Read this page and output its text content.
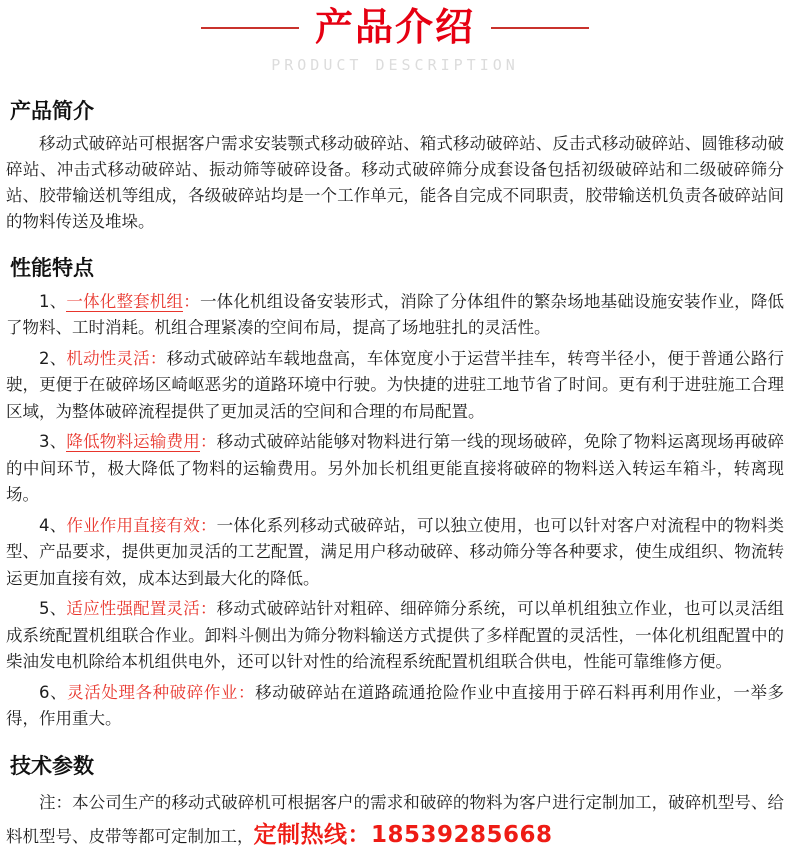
产品介绍
PRODUCT DESCRIPTION
产品简介

移动式破碎站可根据客户需求安装颚式移动破碎站、箱式移动破碎站、反击式移动破碎站、圆锥移动破碎站、冲击式移动破碎站、振动筛等破碎设备。移动式破碎筛分成套设备包括初级破碎站和二级破碎筛分站、胶带输送机等组成，各级破碎站均是一个工作单元，能各自完成不同职责，胶带输送机负责各破碎站间的物料传送及堆垛。

性能特点

1、一体化整套机组：一体化机组设备安装形式，消除了分体组件的繁杂场地基础设施安装作业，降低了物料、工时消耗。机组合理紧凑的空间布局，提高了场地驻扎的灵活性。

2、机动性灵活：移动式破碎站车载地盘高，车体宽度小于运营半挂车，转弯半径小，便于普通公路行驶，更便于在破碎场区崎岖恶劣的道路环境中行驶。为快捷的进驻工地节省了时间。更有利于进驻施工合理区域，为整体破碎流程提供了更加灵活的空间和合理的布局配置。

3、降低物料运输费用：移动式破碎站能够对物料进行第一线的现场破碎，免除了物料运离现场再破碎的中间环节，极大降低了物料的运输费用。另外加长机组更能直接将破碎的物料送入转运车箱斗，转离现场。

4、作业作用直接有效：一体化系列移动式破碎站，可以独立使用，也可以针对客户对流程中的物料类型、产品要求，提供更加灵活的工艺配置，满足用户移动破碎、移动筛分等各种要求，使生成组织、物流转运更加直接有效，成本达到最大化的降低。

5、适应性强配置灵活：移动式破碎站针对粗碎、细碎筛分系统，可以单机组独立作业，也可以灵活组成系统配置机组联合作业。卸料斗侧出为筛分物料输送方式提供了多样配置的灵活性，一体化机组配置中的柴油发电机除给本机组供电外，还可以针对性的给流程系统配置机组联合供电，性能可靠维修方便。

6、灵活处理各种破碎作业：移动破碎站在道路疏通抢险作业中直接用于碎石料再利用作业，一举多得，作用重大。

技术参数

注：本公司生产的移动式破碎机可根据客户的需求和破碎的物料为客户进行定制加工，破碎机型号、给料机型号、皮带等都可定制加工，定制热线：18539285668
